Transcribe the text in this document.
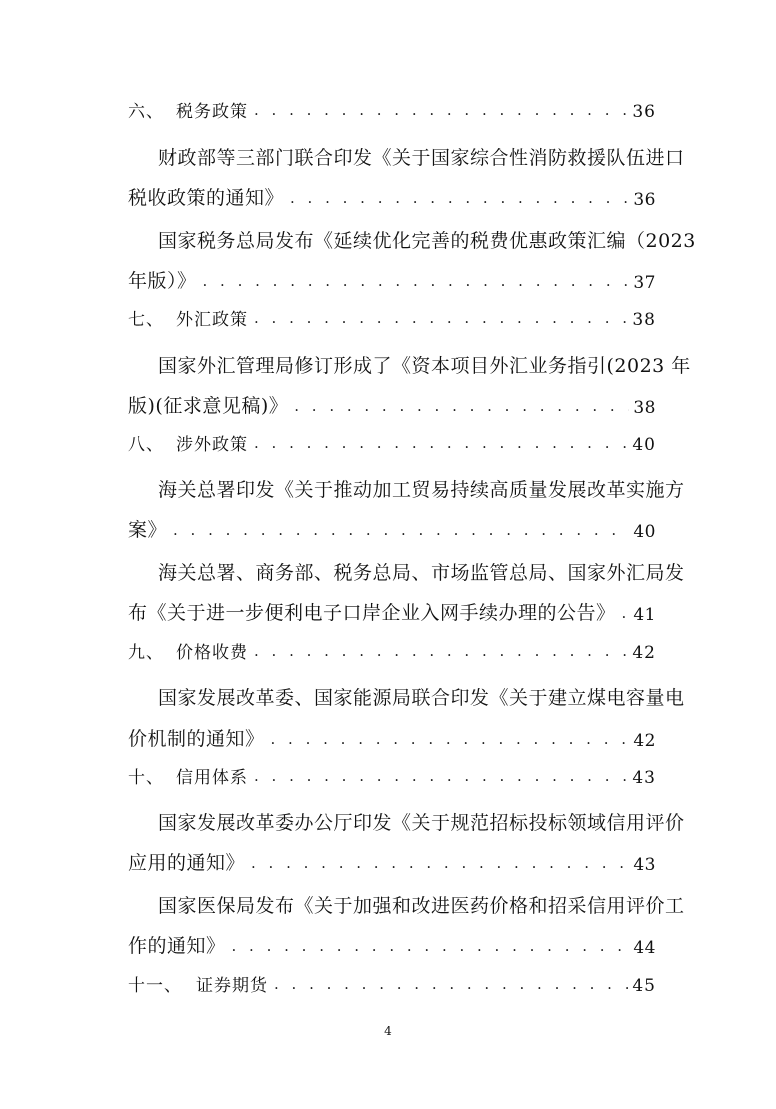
六、 税务政策 . . .	36
财政部等三部门联合印发《关于国家综合性消防救援队伍进口
税收政策的通知》 . . .	36
国家税务总局发布《延续优化完善的税费优惠政策汇编（2023
年版）》 . . .	37
七、 外汇政策 . . .	38
国家外汇管理局修订形成了《资本项目外汇业务指引(2023 年
版)(征求意见稿)》 . . .	38
八、 涉外政策 . . .	40
海关总署印发《关于推动加工贸易持续高质量发展改革实施方
案》 . . .	40
海关总署、商务部、税务总局、市场监管总局、国家外汇局发
布《关于进一步便利电子口岸企业入网手续办理的公告》 . . . 41
九、 价格收费 . . .	42
国家发展改革委、国家能源局联合印发《关于建立煤电容量电
价机制的通知》 . . .	42
十、 信用体系 . . .	43
国家发展改革委办公厅印发《关于规范招标投标领域信用评价
应用的通知》 . . .	43
国家医保局发布《关于加强和改进医药价格和招采信用评价工
作的通知》 . . .	44
十一、 证券期货 . . .	45
4
